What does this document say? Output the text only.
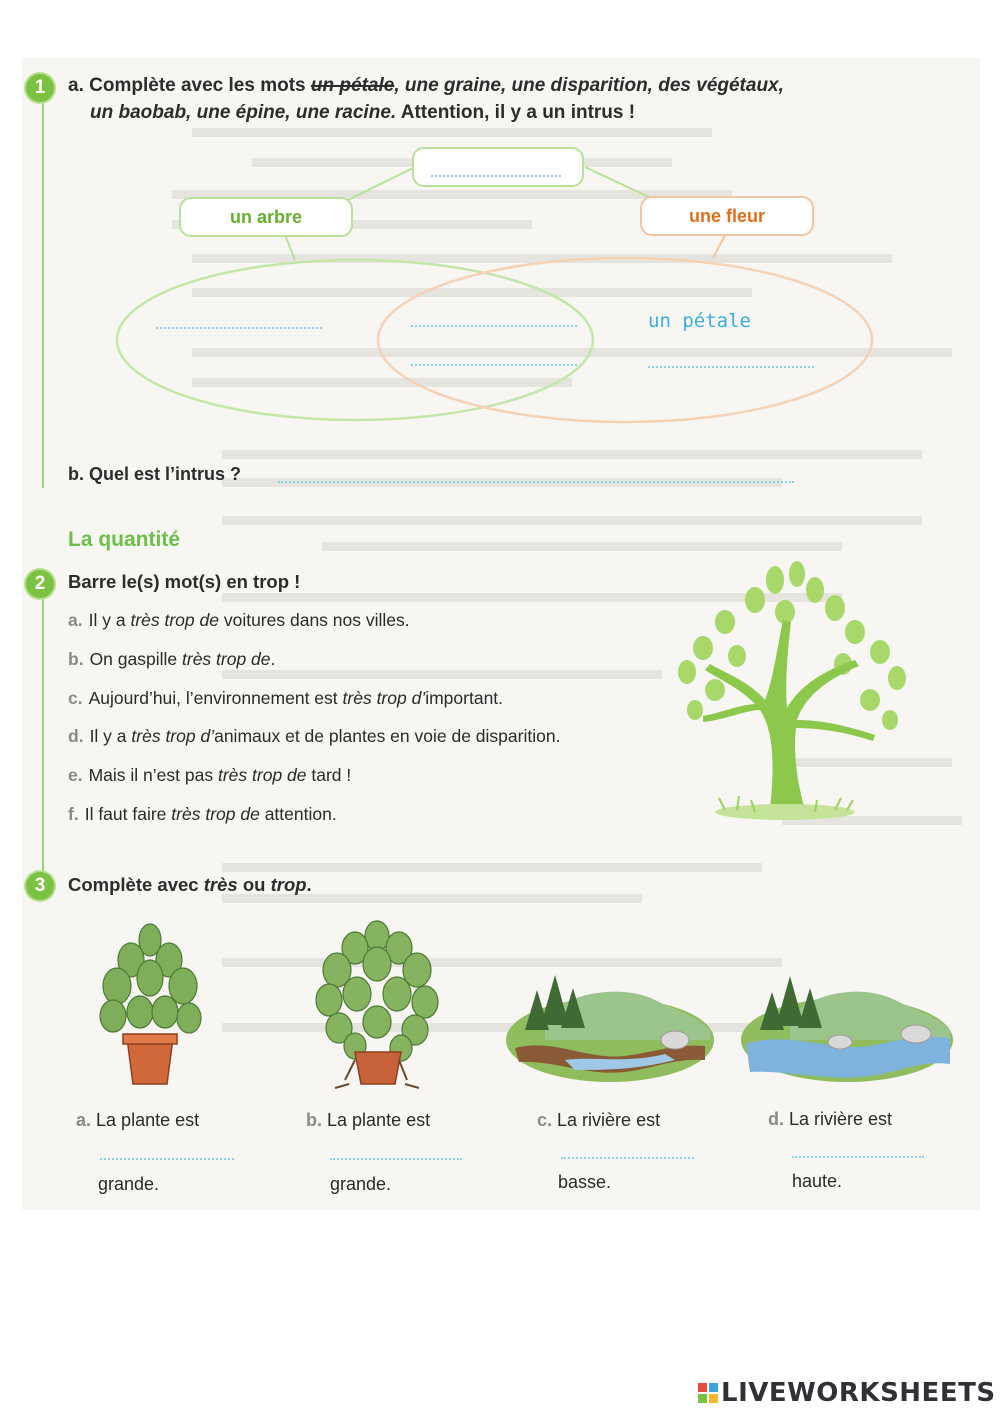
1	a. Complète avec les mots un pétale, une graine, une disparition, des végétaux,
un baobab, une épine, une racine. Attention, il y a un intrus !
un arbre	une fleur
un pétale
b. Quel est l’intrus ?
La quantité
2	Barre le(s) mot(s) en trop !
a. Il y a très trop de voitures dans nos villes.
b. On gaspille très trop de.
c. Aujourd’hui, l’environnement est très trop d’important.
d. Il y a très trop d’animaux et de plantes en voie de disparition.
e. Mais il n’est pas très trop de tard !
f. Il faut faire très trop de attention.
3	Complète avec très ou trop.
a. La plante est	b. La plante est	c. La rivière est	d. La rivière est
grande.	grande.	basse.	haute.
LIVEWORKSHEETS
